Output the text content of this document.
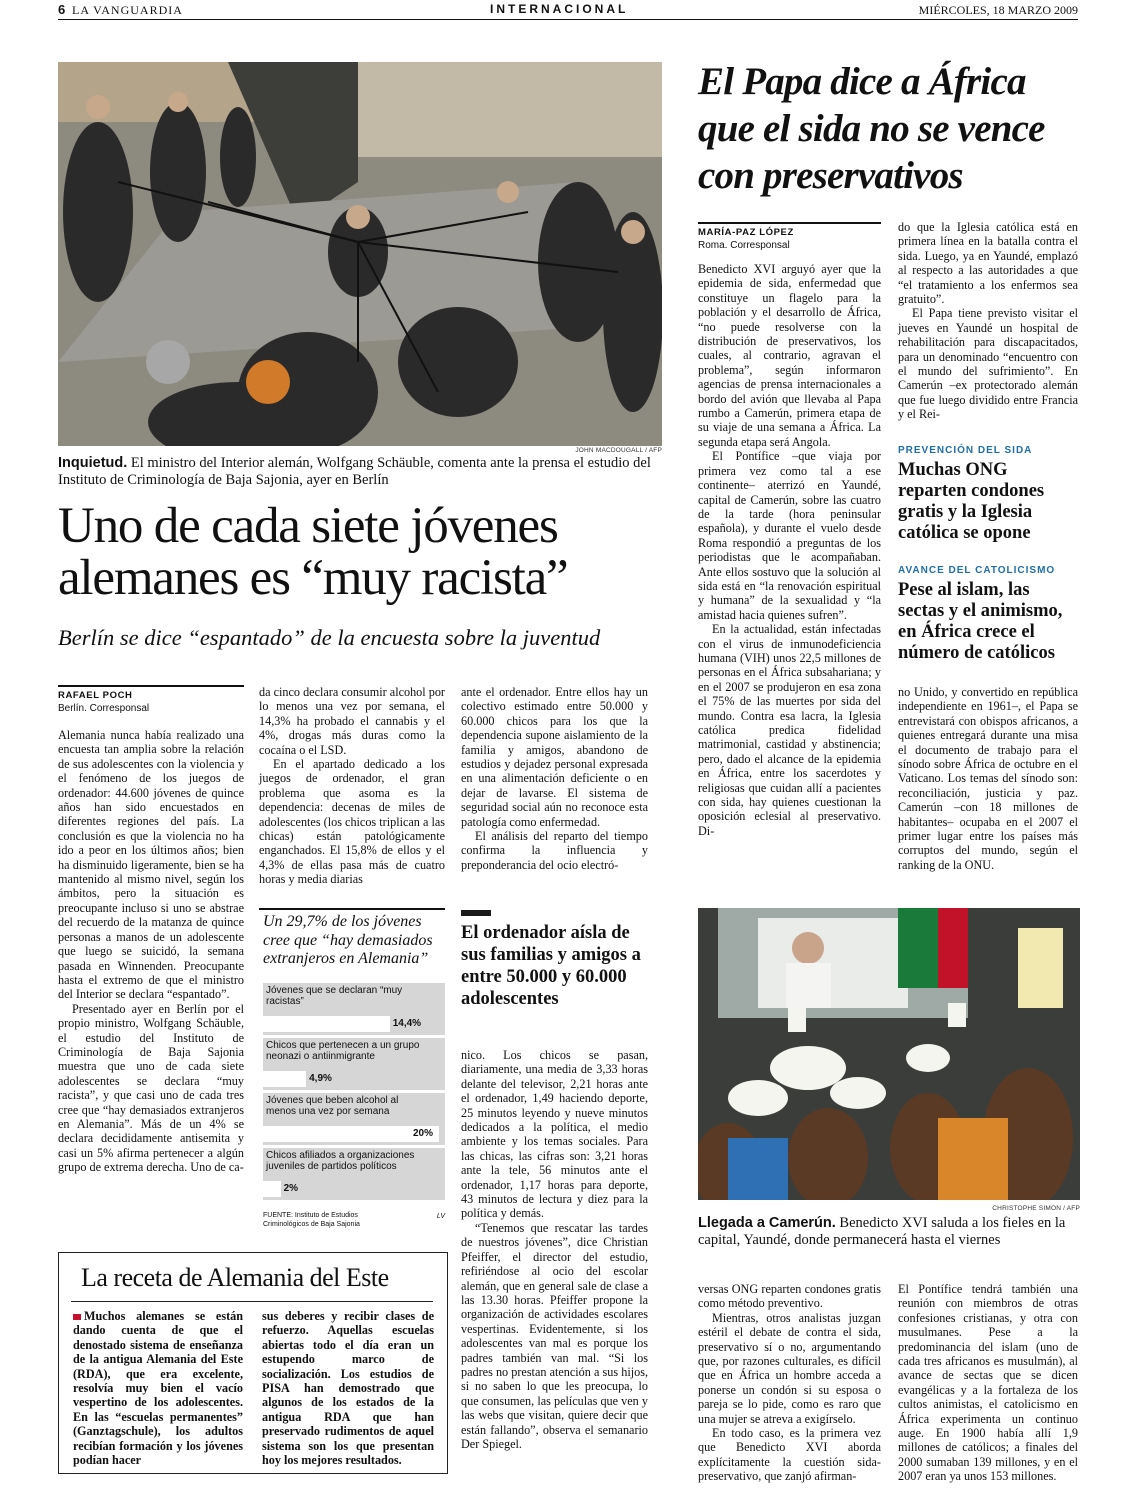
6 LA VANGUARDIA	INTERNACIONAL	MIÉRCOLES, 18 MARZO 2009
JOHN MACDOUGALL / AFP
Inquietud. El ministro del Interior alemán, Wolfgang Schäuble, comenta ante la prensa el estudio del Instituto de Criminología de Baja Sajonia, ayer en Berlín
Uno de cada siete jóvenes alemanes es “muy racista”
Berlín se dice “espantado” de la encuesta sobre la juventud
RAFAEL POCH
Berlín. Corresponsal

Alemania nunca había realizado una encuesta tan amplia sobre la relación de sus adolescentes con la violencia y el fenómeno de los juegos de ordenador: 44.600 jóvenes de quince años han sido encuestados en diferentes regiones del país. La conclusión es que la violencia no ha ido a peor en los últimos años; bien ha disminuido ligeramente, bien se ha mantenido al mismo nivel, según los ámbitos, pero la situación es preocupante incluso si uno se abstrae del recuerdo de la matanza de quince personas a manos de un adolescente que luego se suicidó, la semana pasada en Winnenden. Preocupante hasta el extremo de que el ministro del Interior se declara “espantado”.

Presentado ayer en Berlín por el propio ministro, Wolfgang Schäuble, el estudio del Instituto de Criminología de Baja Sajonia muestra que uno de cada siete adolescentes se declara “muy racista”, y que casi uno de cada tres cree que “hay demasiados extranjeros en Alemania”. Más de un 4% se declara decididamente antisemita y casi un 5% afirma pertenecer a algún grupo de extrema derecha. Uno de ca-

da cinco declara consumir alcohol por lo menos una vez por semana, el 14,3% ha probado el cannabis y el 4%, drogas más duras como la cocaína o el LSD.

En el apartado dedicado a los juegos de ordenador, el gran problema que asoma es la dependencia: decenas de miles de adolescentes (los chicos triplican a las chicas) están patológicamente enganchados. El 15,8% de ellos y el 4,3% de ellas pasa más de cuatro horas y media diarias

ante el ordenador. Entre ellos hay un colectivo estimado entre 50.000 y 60.000 chicos para los que la dependencia supone aislamiento de la familia y amigos, abandono de estudios y dejadez personal expresada en una alimentación deficiente o en dejar de lavarse. El sistema de seguridad social aún no reconoce esta patología como enfermedad.

El análisis del reparto del tiempo confirma la influencia y preponderancia del ocio electró-

Un 29,7% de los jóvenes cree que “hay demasiados extranjeros en Alemania”
Jóvenes que se declaran “muy racistas”
14,4%
Chicos que pertenecen a un grupo neonazi o antiinmigrante
4,9%
Jóvenes que beben alcohol al menos una vez por semana
20%
Chicos afiliados a organizaciones juveniles de partidos políticos
2%
FUENTE: Instituto de Estudios Criminológicos de Baja Sajonia
LV
El ordenador aísla de sus familias y amigos a entre 50.000 y 60.000 adolescentes

nico. Los chicos se pasan, diariamente, una media de 3,33 horas delante del televisor, 2,21 horas ante el ordenador, 1,49 haciendo deporte, 25 minutos leyendo y nueve minutos dedicados a la política, el medio ambiente y los temas sociales. Para las chicas, las cifras son: 3,21 horas ante la tele, 56 minutos ante el ordenador, 1,17 horas para deporte, 43 minutos de lectura y diez para la política y demás.

“Tenemos que rescatar las tardes de nuestros jóvenes”, dice Christian Pfeiffer, el director del estudio, refiriéndose al ocio del escolar alemán, que en general sale de clase a las 13.30 horas. Pfeiffer propone la organización de actividades escolares vespertinas. Evidentemente, si los adolescentes van mal es porque los padres también van mal. “Si los padres no prestan atención a sus hijos, si no saben lo que les preocupa, lo que consumen, las películas que ven y las webs que visitan, quiere decir que están fallando”, observa el semanario Der Spiegel.

La receta de Alemania del Este

Muchos alemanes se están dando cuenta de que el denostado sistema de enseñanza de la antigua Alemania del Este (RDA), que era excelente, resolvía muy bien el vacío vespertino de los adolescentes. En las “escuelas permanentes” (Ganztagschule), los adultos recibían formación y los jóvenes podían hacer

sus deberes y recibir clases de refuerzo. Aquellas escuelas abiertas todo el día eran un estupendo marco de socialización. Los estudios de PISA han demostrado que algunos de los estados de la antigua RDA que han preservado rudimentos de aquel sistema son los que presentan hoy los mejores resultados.

El Papa dice a África que el sida no se vence con preservativos
MARÍA-PAZ LÓPEZ
Roma. Corresponsal

Benedicto XVI arguyó ayer que la epidemia de sida, enfermedad que constituye un flagelo para la población y el desarrollo de África, “no puede resolverse con la distribución de preservativos, los cuales, al contrario, agravan el problema”, según informaron agencias de prensa internacionales a bordo del avión que llevaba al Papa rumbo a Camerún, primera etapa de su viaje de una semana a África. La segunda etapa será Angola.

El Pontífice –que viaja por primera vez como tal a ese continente– aterrizó en Yaundé, capital de Camerún, sobre las cuatro de la tarde (hora peninsular española), y durante el vuelo desde Roma respondió a preguntas de los periodistas que le acompañaban. Ante ellos sostuvo que la solución al sida está en “la renovación espiritual y humana” de la sexualidad y “la amistad hacia quienes sufren”.

En la actualidad, están infectadas con el virus de inmunodeficiencia humana (VIH) unos 22,5 millones de personas en el África subsahariana; y en el 2007 se produjeron en esa zona el 75% de las muertes por sida del mundo. Contra esa lacra, la Iglesia católica predica fidelidad matrimonial, castidad y abstinencia; pero, dado el alcance de la epidemia en África, entre los sacerdotes y religiosas que cuidan allí a pacientes con sida, hay quienes cuestionan la oposición eclesial al preservativo. Di-

do que la Iglesia católica está en primera línea en la batalla contra el sida. Luego, ya en Yaundé, emplazó al respecto a las autoridades a que “el tratamiento a los enfermos sea gratuito”.

El Papa tiene previsto visitar el jueves en Yaundé un hospital de rehabilitación para discapacitados, para un denominado “encuentro con el mundo del sufrimiento”. En Camerún –ex protectorado alemán que fue luego dividido entre Francia y el Rei-

PREVENCIÓN DEL SIDA
Muchas ONG reparten condones gratis y la Iglesia católica se opone
AVANCE DEL CATOLICISMO
Pese al islam, las sectas y el animismo, en África crece el número de católicos

no Unido, y convertido en república independiente en 1961–, el Papa se entrevistará con obispos africanos, a quienes entregará durante una misa el documento de trabajo para el sínodo sobre África de octubre en el Vaticano. Los temas del sínodo son: reconciliación, justicia y paz. Camerún –con 18 millones de habitantes– ocupaba en el 2007 el primer lugar entre los países más corruptos del mundo, según el ranking de la ONU.

CHRISTOPHE SIMON / AFP
Llegada a Camerún. Benedicto XVI saluda a los fieles en la capital, Yaundé, donde permanecerá hasta el viernes

versas ONG reparten condones gratis como método preventivo.

Mientras, otros analistas juzgan estéril el debate de contra el sida, preservativo sí o no, argumentando que, por razones culturales, es difícil que en África un hombre acceda a ponerse un condón si su esposa o pareja se lo pide, como es raro que una mujer se atreva a exigírselo.

En todo caso, es la primera vez que Benedicto XVI aborda explícitamente la cuestión sida-preservativo, que zanjó afirman-

El Pontífice tendrá también una reunión con miembros de otras confesiones cristianas, y otra con musulmanes. Pese a la predominancia del islam (uno de cada tres africanos es musulmán), al avance de sectas que se dicen evangélicas y a la fortaleza de los cultos animistas, el catolicismo en África experimenta un continuo auge. En 1900 había allí 1,9 millones de católicos; a finales del 2000 sumaban 139 millones, y en el 2007 eran ya unos 153 millones.
